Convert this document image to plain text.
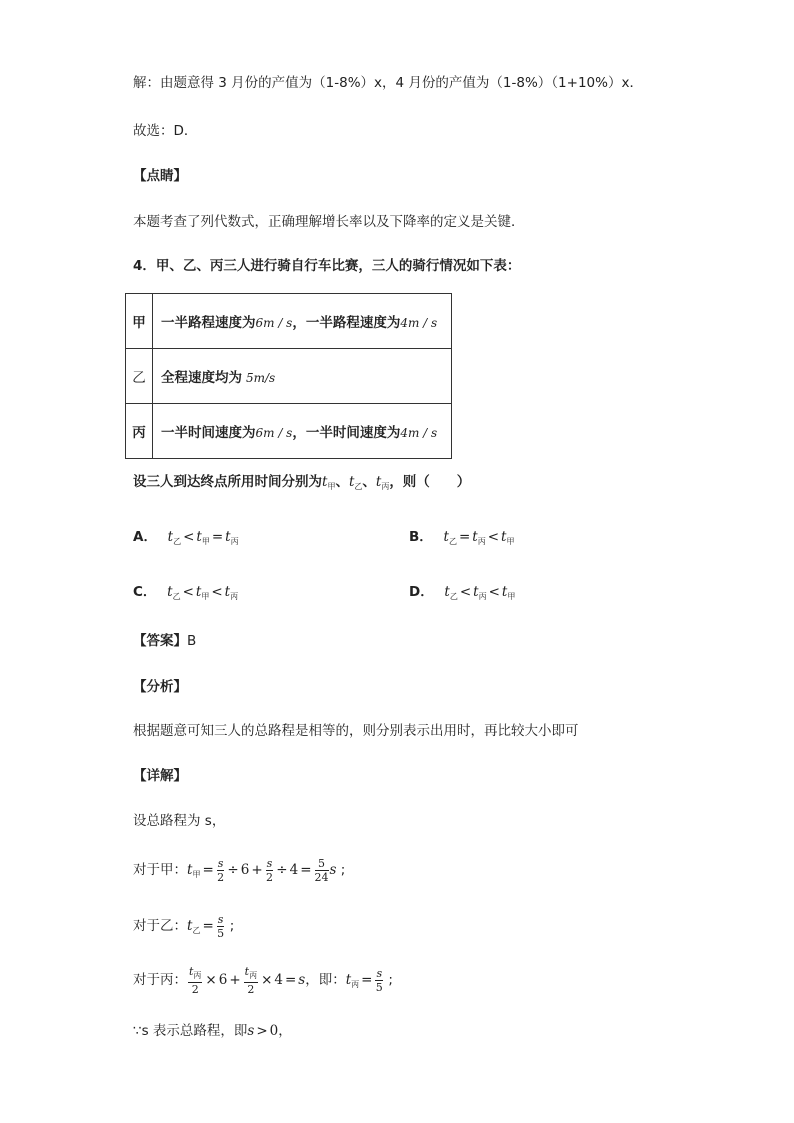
解：由题意得 3 月份的产值为（1-8%）x，4 月份的产值为（1-8%）（1+10%）x．
故选：D．
【点睛】
本题考查了列代数式，正确理解增长率以及下降率的定义是关键．
4．甲、乙、丙三人进行骑自行车比赛，三人的骑行情况如下表：
甲	一半路程速度为6m / s，一半路程速度为4m / s
乙	全程速度均为 5m/s
丙	一半时间速度为6m / s，一半时间速度为4m / s
设三人到达终点所用时间分别为$t_甲$、$t_乙$、$t_丙$，则（　　）
A． $t_乙 < t_甲 = t_丙$	B． $t_乙 = t_丙 < t_甲$
C． $t_乙 < t_甲 < t_丙$	D． $t_乙 < t_丙 < t_甲$
【答案】B
【分析】
根据题意可知三人的总路程是相等的，则分别表示出用时，再比较大小即可
【详解】
设总路程为 s，
对于甲：$t_甲 = \frac{s}{2} \div 6 + \frac{s}{2} \div 4 = \frac{5}{24}$ s ;
对于乙：$t_乙 = \frac{s}{5}$ ;
对于丙： $\frac{t_丙}{2} \times 6 + \frac{t_丙}{2} \times 4 = s$，即：$t_丙 = \frac{s}{5}$ ;
∵s 表示总路程，即s > 0，
